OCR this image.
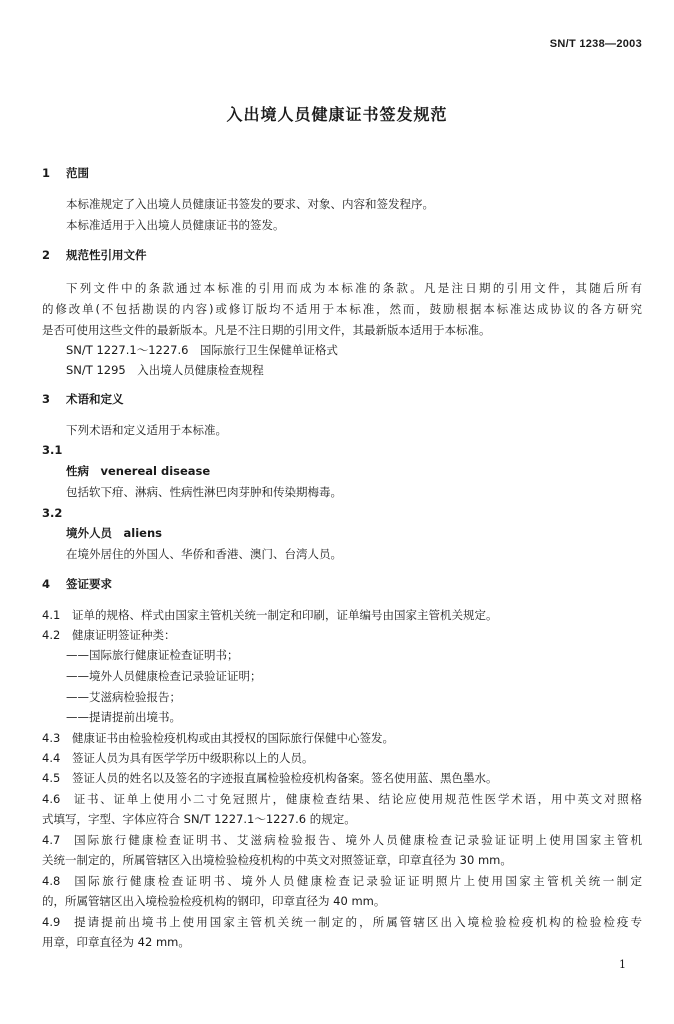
SN/T 1238—2003
入出境人员健康证书签发规范
1 范围
本标准规定了入出境人员健康证书签发的要求、对象、内容和签发程序。
本标准适用于入出境人员健康证书的签发。
2 规范性引用文件
下列文件中的条款通过本标准的引用而成为本标准的条款。凡是注日期的引用文件，其随后所有
的修改单(不包括勘误的内容)或修订版均不适用于本标准，然而，鼓励根据本标准达成协议的各方研究
是否可使用这些文件的最新版本。凡是不注日期的引用文件，其最新版本适用于本标准。
SN/T 1227.1～1227.6　国际旅行卫生保健单证格式
SN/T 1295　入出境人员健康检查规程
3 术语和定义
下列术语和定义适用于本标准。
3.1
性病　venereal disease
包括软下疳、淋病、性病性淋巴肉芽肿和传染期梅毒。
3.2
境外人员　aliens
在境外居住的外国人、华侨和香港、澳门、台湾人员。
4 签证要求
4.1 证单的规格、样式由国家主管机关统一制定和印刷，证单编号由国家主管机关规定。
4.2 健康证明签证种类：
——国际旅行健康证检查证明书；
——境外人员健康检查记录验证证明；
——艾滋病检验报告；
——提请提前出境书。
4.3 健康证书由检验检疫机构或由其授权的国际旅行保健中心签发。
4.4 签证人员为具有医学学历中级职称以上的人员。
4.5 签证人员的姓名以及签名的字迹报直属检验检疫机构备案。签名使用蓝、黑色墨水。
4.6 证书、证单上使用小二寸免冠照片，健康检查结果、结论应使用规范性医学术语，用中英文对照格
式填写，字型、字体应符合 SN/T 1227.1～1227.6 的规定。
4.7 国际旅行健康检查证明书、艾滋病检验报告、境外人员健康检查记录验证证明上使用国家主管机
关统一制定的，所属管辖区入出境检验检疫机构的中英文对照签证章，印章直径为 30 mm。
4.8 国际旅行健康检查证明书、境外人员健康检查记录验证证明照片上使用国家主管机关统一制定
的，所属管辖区出入境检验检疫机构的钢印，印章直径为 40 mm。
4.9 提请提前出境书上使用国家主管机关统一制定的，所属管辖区出入境检验检疫机构的检验检疫专
用章，印章直径为 42 mm。
1
